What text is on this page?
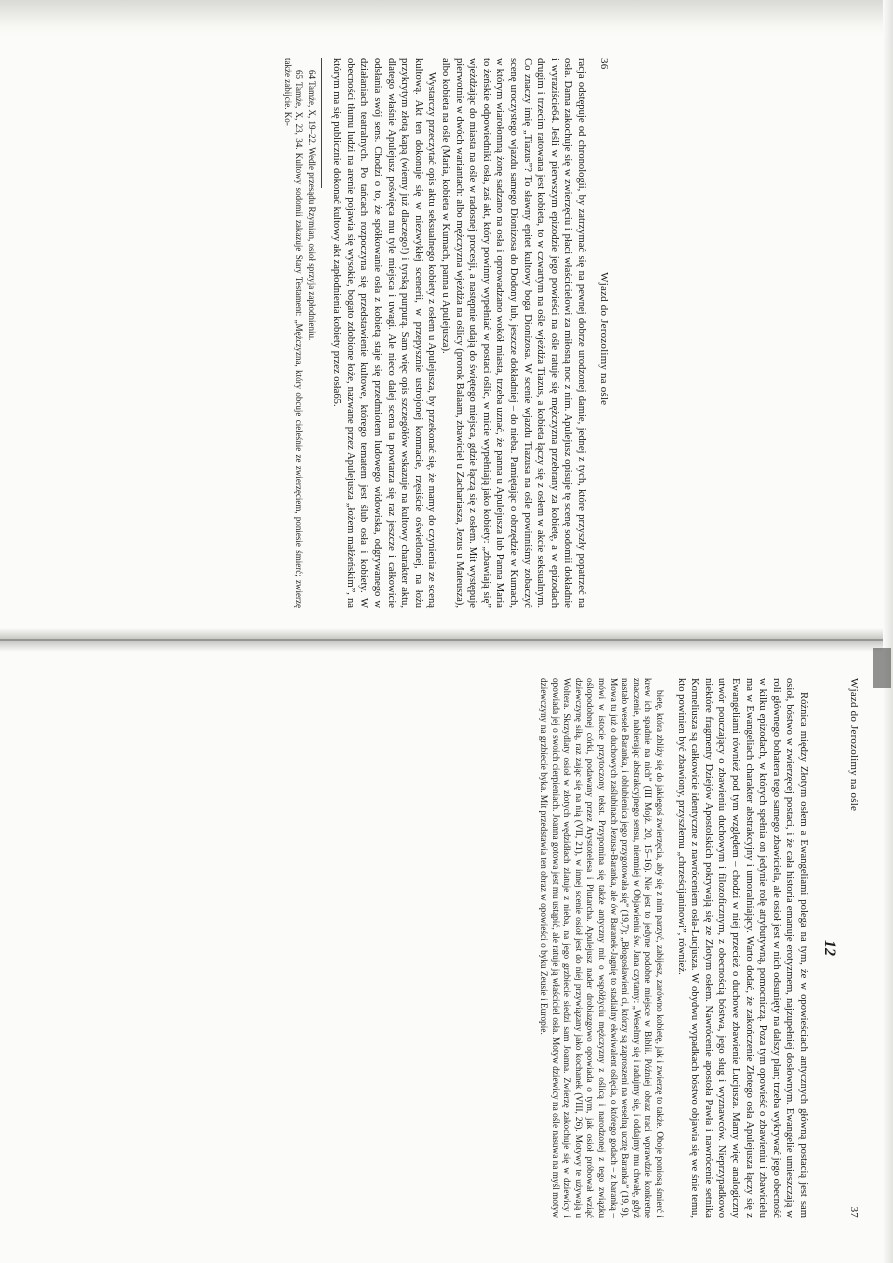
36
Wjazd do Jerozolimy na ośle

racja odstępuje od chronologii, by zatrzymać się na pewnej dobrze urodzonej damie, jednej z tych, które przyszły popatrzeć na osła. Dama zakochuje się w zwierzęciu i płaci właścicielowi za miłosną noc z nim. Apulejusz opisuje tę scenę sodomii dokładnie i wyraziście64. Jeśli w pierwszym epizodzie jego powieści na ośle ratuje się mężczyzna przebrany za kobietę, a w epizodach drugim i trzecim ratowana jest kobieta, to w czwartym na ośle wjeżdża Tiazus, a kobieta łączy się z osłem w akcie seksualnym. Co znaczy imię „Tiazus”? To sławny epitet kultowy boga Dionizosa. W scenie wjazdu Tiazusa na ośle powinniśmy zobaczyć scenę uroczystego wjazdu samego Dionizosa do Dodony lub, jeszcze dokładniej – do nieba. Pamiętając o obrzędzie w Kumach, w którym wiarołomną żonę sadzano na osła i oprowadzano wokół miasta, trzeba uznać, że panna u Apulejusza lub Panna Maria to żeńskie odpowiedniki osła, zaś akt, który powinny wypełniać w postaci oślic, w micie wypełniają jako kobiety: „zbawiają się” wjeżdżając do miasta na ośle w radosnej procesji, a następnie udają do świętego miejsca, gdzie łączą się z osłem. Mit występuje pierwotnie w dwóch wariantach: albo mężczyzna wjeżdża na oślicy (prorok Balaam, zbawiciel u Zachariasza, Jezus u Mateusza), albo kobieta na ośle (Maria, kobieta w Kumach, panna u Apulejusza).

Wystarczy przeczytać opis aktu seksualnego kobiety z osłem u Apulejusza, by przekonać się, że mamy do czynienia ze sceną kultową. Akt ten dokonuje się w niezwykłej scenerii, w przepysznie ustrojonej komnacie, rzęsiście oświetlonej, na łożu przykrytym złotą kapą (wiemy już dlaczego!) i tyrską purpurą. Sam więc opis szczegółów wskazuje na kultowy charakter aktu, dlatego właśnie Apulejusz poświęca mu tyle miejsca i uwagi. Ale nieco dalej scena ta powtarza się raz jeszcze i całkowicie odsłania swój sens. Chodzi o to, że spółkowanie osła z kobietą staje się przedmiotem ludowego widowiska, odgrywanego w działaniach teatralnych. Po tańcach rozpoczyna się przedstawienie kultowe, którego tematem jest ślub osła i kobiety. W obecności tłumu ludzi na arenie pojawia się wysokie, bogato zdobione łoże, nazwane przez Apulejusza „łożem małżeńskim”, na którym ma się publicznie dokonać kultowy akt zapłodnienia kobiety przez osła65.

64 Tamże, X, 19–22. Wedle przesądu Rzymian, osioł sprzyja zapłodnieniu.

65 Tamże, X, 23, 34. Kultowy sodomii zakazuje Stary Testament: „Mężczyzna, który obcuje cieleśnie ze zwierzęciem, poniesie śmierć; zwierzę także zabijcie. Ko-

Wjazd do Jerozolimy na ośle
37
12

Różnica między Złotym osłem a Ewangeliami polega na tym, że w opowieściach antycznych główną postacią jest sam osioł, bóstwo w zwierzęcej postaci, i że cała historia emanuje erotyzmem, najzupełniej dosłownym. Ewangelie umieszczają w roli głównego bohatera tego samego zbawiciela, ale osioł jest w nich odsunięty na dalszy plan; trzeba wykrywać jego obecność w kilku epizodach, w których spełnia on jedynie rolę atrybutywną, pomocniczą. Poza tym opowieść o zbawieniu i zbawicielu ma w Ewangeliach charakter abstrakcyjny i umoralniający. Warto dodać, że zakończenie Złotego osła Apulejusza łączy się z Ewangeliami również pod tym względem – chodzi w niej przecież o duchowe zbawienie Lucjusza. Mamy więc analogiczny utwór pouczający o zbawieniu duchowym i filozoficznym, z obecnością bóstwa, jego sług i wyznawców. Nieprzypadkowo niektóre fragmenty Dziejów Apostolskich pokrywają się ze Złotym osłem. Nawrócenie apostoła Pawła i nawrócenie setnika Korneliusza są całkowicie identyczne z nawróceniem osła-Lucjusza. W obydwu wypadkach bóstwo objawia się we śnie temu, kto powinien być zbawiony, przyszłemu „chrześcijaninowi”, również.

bietę, która zbliży się do jakiegoś zwierzęcia, aby się z nim parzyć, zabijesz, zarówno kobietę, jak i zwierzę to także. Oboje poniosą śmierć i krew ich spadnie na nich” (III Mojż. 20, 15–16). Nie jest to jedyne podobne miejsce w Biblii. Później obraz traci wprawdzie konkretne znaczenie, nabierając abstrakcyjnego sensu, niemniej w Objawieniu św. Jana czytamy: „Weselmy się i radujmy się, i oddajmy mu chwałę, gdyż nastało wesele Baranka, i oblubienica jego przygotowała się” (19,7); „Błogosławieni ci, którzy są zaproszeni na weselną ucztę Baranka” (19, 9). Mowa tu już o duchowych zaślubinach Jezusa-Baranka, ale ów Baranek-Jagnię to stadialny ekwiwalent oślęcia, o którego godach – z baranką – mówi w istocie przytoczony tekst. Przypomina się także antyczny mit o współżyciu mężczyzny z oślicą i narodzonej z tego związku oślopodobnej córki, podawany przez Arystotelesa i Plutarcha. Apulejusz nader drobiazgowo opowiada o tym, jak osioł próbował wziąć dziewczynę siłą, raz zając się na nią (VII, 21), w innej scenie osioł jest do niej przywiązany jako kochanek (VIII, 26). Motywy te używają u Woltera. Skrzydlaty osioł w złotych wędzidłach zlatuje z nieba, na jego grzbiecie siedzi sam Joanna. Zwierzę zakochuje się w dziewicy i opowiada jej o swoich cierpieniach. Joanna gotowa jest mu ustąpić, ale ratuje ją właściciel osła. Motyw dziewicy na ośle nasuwa na myśl motyw dziewczyny na grzbiecie byka. Mit przedstawia ten obraz w opowieści o byku Zeusie i Europie.
